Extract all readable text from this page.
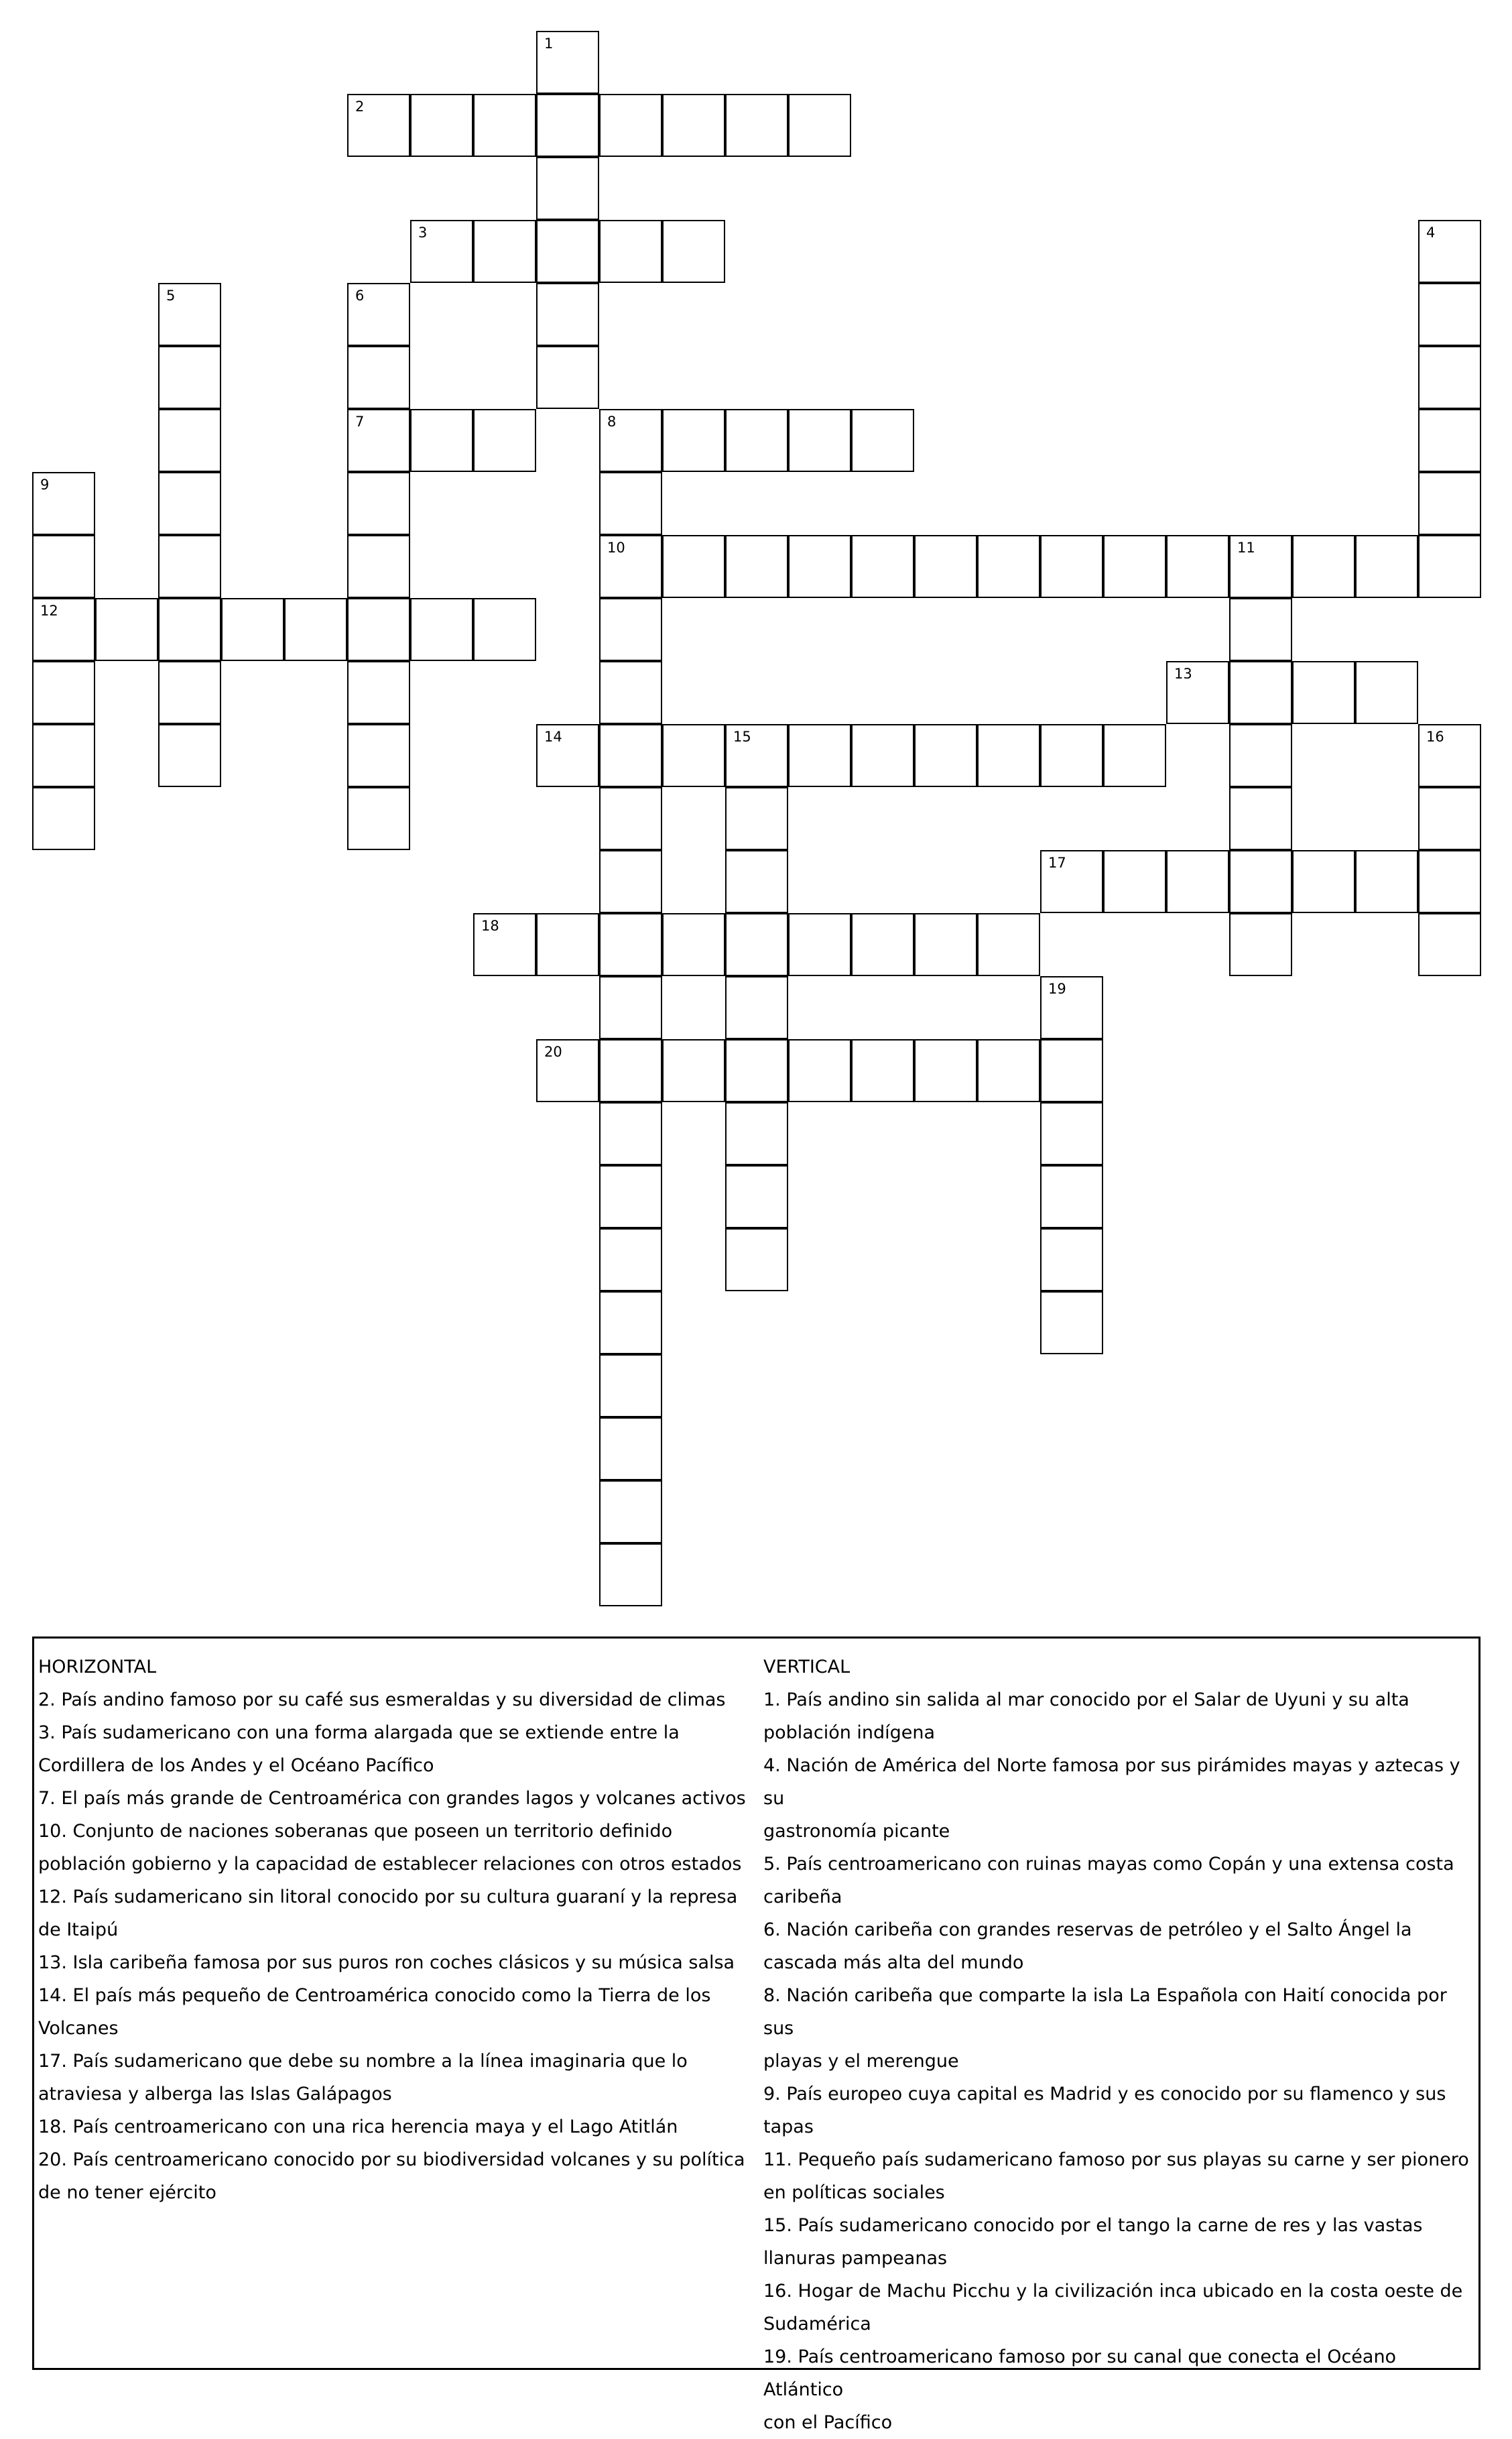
1
2
3	4
5	6
7	8
10
9
12
11
13
14	15	16
17
18
19
20
HORIZONTAL
2. País andino famoso por su café sus esmeraldas y su diversidad de climas
3. País sudamericano con una forma alargada que se extiende entre la
Cordillera de los Andes y el Océano Pacífico
7. El país más grande de Centroamérica con grandes lagos y volcanes activos
10. Conjunto de naciones soberanas que poseen un territorio definido
población gobierno y la capacidad de establecer relaciones con otros estados
12. País sudamericano sin litoral conocido por su cultura guaraní y la represa
de Itaipú
13. Isla caribeña famosa por sus puros ron coches clásicos y su música salsa
14. El país más pequeño de Centroamérica conocido como la Tierra de los
Volcanes
17. País sudamericano que debe su nombre a la línea imaginaria que lo
atraviesa y alberga las Islas Galápagos
18. País centroamericano con una rica herencia maya y el Lago Atitlán
20. País centroamericano conocido por su biodiversidad volcanes y su política
de no tener ejército
VERTICAL
1. País andino sin salida al mar conocido por el Salar de Uyuni y su alta
población indígena
4. Nación de América del Norte famosa por sus pirámides mayas y aztecas y su
gastronomía picante
5. País centroamericano con ruinas mayas como Copán y una extensa costa
caribeña
6. Nación caribeña con grandes reservas de petróleo y el Salto Ángel la
cascada más alta del mundo
8. Nación caribeña que comparte la isla La Española con Haití conocida por sus
playas y el merengue
9. País europeo cuya capital es Madrid y es conocido por su flamenco y sus
tapas
11. Pequeño país sudamericano famoso por sus playas su carne y ser pionero
en políticas sociales
15. País sudamericano conocido por el tango la carne de res y las vastas
llanuras pampeanas
16. Hogar de Machu Picchu y la civilización inca ubicado en la costa oeste de
Sudamérica
19. País centroamericano famoso por su canal que conecta el Océano Atlántico
con el Pacífico
